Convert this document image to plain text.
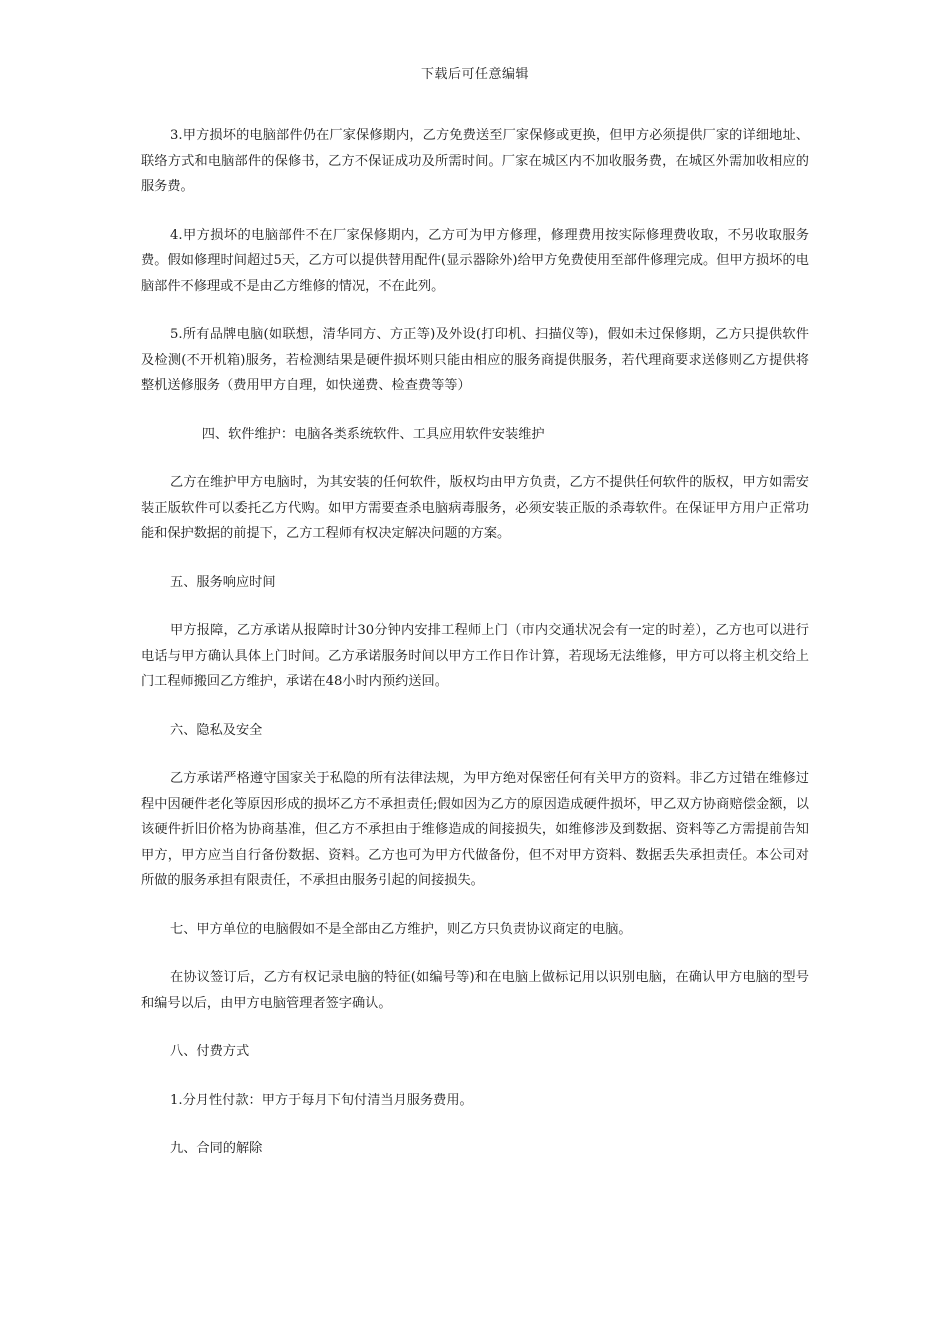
下载后可任意编辑

3.甲方损坏的电脑部件仍在厂家保修期内，乙方免费送至厂家保修或更换，但甲方必须提供厂家的详细地址、联络方式和电脑部件的保修书，乙方不保证成功及所需时间。厂家在城区内不加收服务费，在城区外需加收相应的服务费。

4.甲方损坏的电脑部件不在厂家保修期内，乙方可为甲方修理，修理费用按实际修理费收取，不另收取服务费。假如修理时间超过5天，乙方可以提供替用配件(显示器除外)给甲方免费使用至部件修理完成。但甲方损坏的电脑部件不修理或不是由乙方维修的情况，不在此列。

5.所有品牌电脑(如联想，清华同方、方正等)及外设(打印机、扫描仪等)，假如未过保修期，乙方只提供软件及检测(不开机箱)服务，若检测结果是硬件损坏则只能由相应的服务商提供服务，若代理商要求送修则乙方提供将整机送修服务（费用甲方自理，如快递费、检查费等等）

四、软件维护：电脑各类系统软件、工具应用软件安装维护

乙方在维护甲方电脑时，为其安装的任何软件，版权均由甲方负责，乙方不提供任何软件的版权，甲方如需安装正版软件可以委托乙方代购。如甲方需要查杀电脑病毒服务，必须安装正版的杀毒软件。在保证甲方用户正常功能和保护数据的前提下，乙方工程师有权决定解决问题的方案。

五、服务响应时间

甲方报障，乙方承诺从报障时计30分钟内安排工程师上门（市内交通状况会有一定的时差），乙方也可以进行电话与甲方确认具体上门时间。乙方承诺服务时间以甲方工作日作计算，若现场无法维修，甲方可以将主机交给上门工程师搬回乙方维护，承诺在48小时内预约送回。

六、隐私及安全

乙方承诺严格遵守国家关于私隐的所有法律法规，为甲方绝对保密任何有关甲方的资料。非乙方过错在维修过程中因硬件老化等原因形成的损坏乙方不承担责任;假如因为乙方的原因造成硬件损坏，甲乙双方协商赔偿金额，以该硬件折旧价格为协商基准，但乙方不承担由于维修造成的间接损失，如维修涉及到数据、资料等乙方需提前告知甲方，甲方应当自行备份数据、资料。乙方也可为甲方代做备份，但不对甲方资料、数据丢失承担责任。本公司对所做的服务承担有限责任，不承担由服务引起的间接损失。

七、甲方单位的电脑假如不是全部由乙方维护，则乙方只负责协议商定的电脑。

在协议签订后，乙方有权记录电脑的特征(如编号等)和在电脑上做标记用以识别电脑，在确认甲方电脑的型号和编号以后，由甲方电脑管理者签字确认。

八、付费方式

1.分月性付款：甲方于每月下旬付清当月服务费用。

九、合同的解除
